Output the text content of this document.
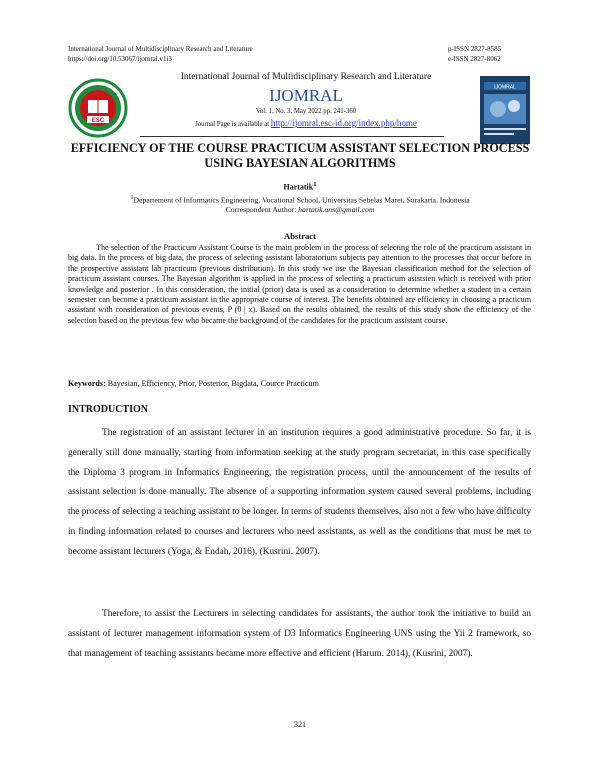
International Journal of Multidisciplinary Research and Literature
https://doi.org/10.53067/ijomral.v1i3
p-ISSN 2827-8585
e-ISSN 2827-8062
ESC
International Journal of Multidisciplinary Research and Literature
IJOMRAL
Vol. 1, No. 3, May 2022 pp. 241-360
Journal Page is available at http://ijomral.esc-id.org/index.php/home
IJOMRAL
EFFICIENCY OF THE COURSE PRACTICUM ASSISTANT SELECTION PROCESS USING BAYESIAN ALGORITHMS
Hartatik$^1$
$^1$Departement of Informatics Engineering, Vocational School, Universitas Sebelas Maret, Surakarta, Indonesia
Correspondent Author: hartatik.uns@gmail.com
Abstract

The selection of the Practicum Assistant Course is the main problem in the process of selecting the role of the practicum assistant in big data. In the process of big data, the process of selecting assistant laboratorium subjects pay attention to the processes that occur before in the prospective assistant lab practicum (previous distribution). In this study we use the Bayesian classification method for the selection of practicum assistant courses. The Bayesian algorithm is applied in the process of selecting a practicum asiststen which is received with prior knowledge and posterior . In this consideration, the initial (prior) data is used as a consideration to determine whether a student in a certain semester can become a practicum assistant in the appropriate course of interest. The benefits obtained are efficiency in choosing a practicum assistant with consideration of previous events, P (θ | x). Based on the results obtained, the results of this study show the efficiency of the selection based on the previous few who became the background of the candidates for the practicum assistant course.

Keywords: Bayesian, Efficiency, Prior, Posterior, Bigdata, Cource Practicum
INTRODUCTION

The registration of an assistant lecturer in an institution requires a good administrative procedure. So far, it is generally still done manually, starting from information seeking at the study program secretariat, in this case specifically the Diploma 3 program in Informatics Engineering, the registration process, until the announcement of the results of assistant selection is done manually. The absence of a supporting information system caused several problems, including the process of selecting a teaching assistant to be longer. In terms of students themselves, also not a few who have difficulty in finding information related to courses and lecturers who need assistants, as well as the conditions that must be met to become assistant lecturers (Yoga, & Endah, 2016), (Kusrini. 2007).

Therefore, to assist the Lecturers in selecting candidates for assistants, the author took the initiative to build an assistant of lecturer management information system of D3 Informatics Engineering UNS using the Yii 2 framework, so that management of teaching assistants became more effective and efficient (Harum. 2014), (Kusrini, 2007).

321
